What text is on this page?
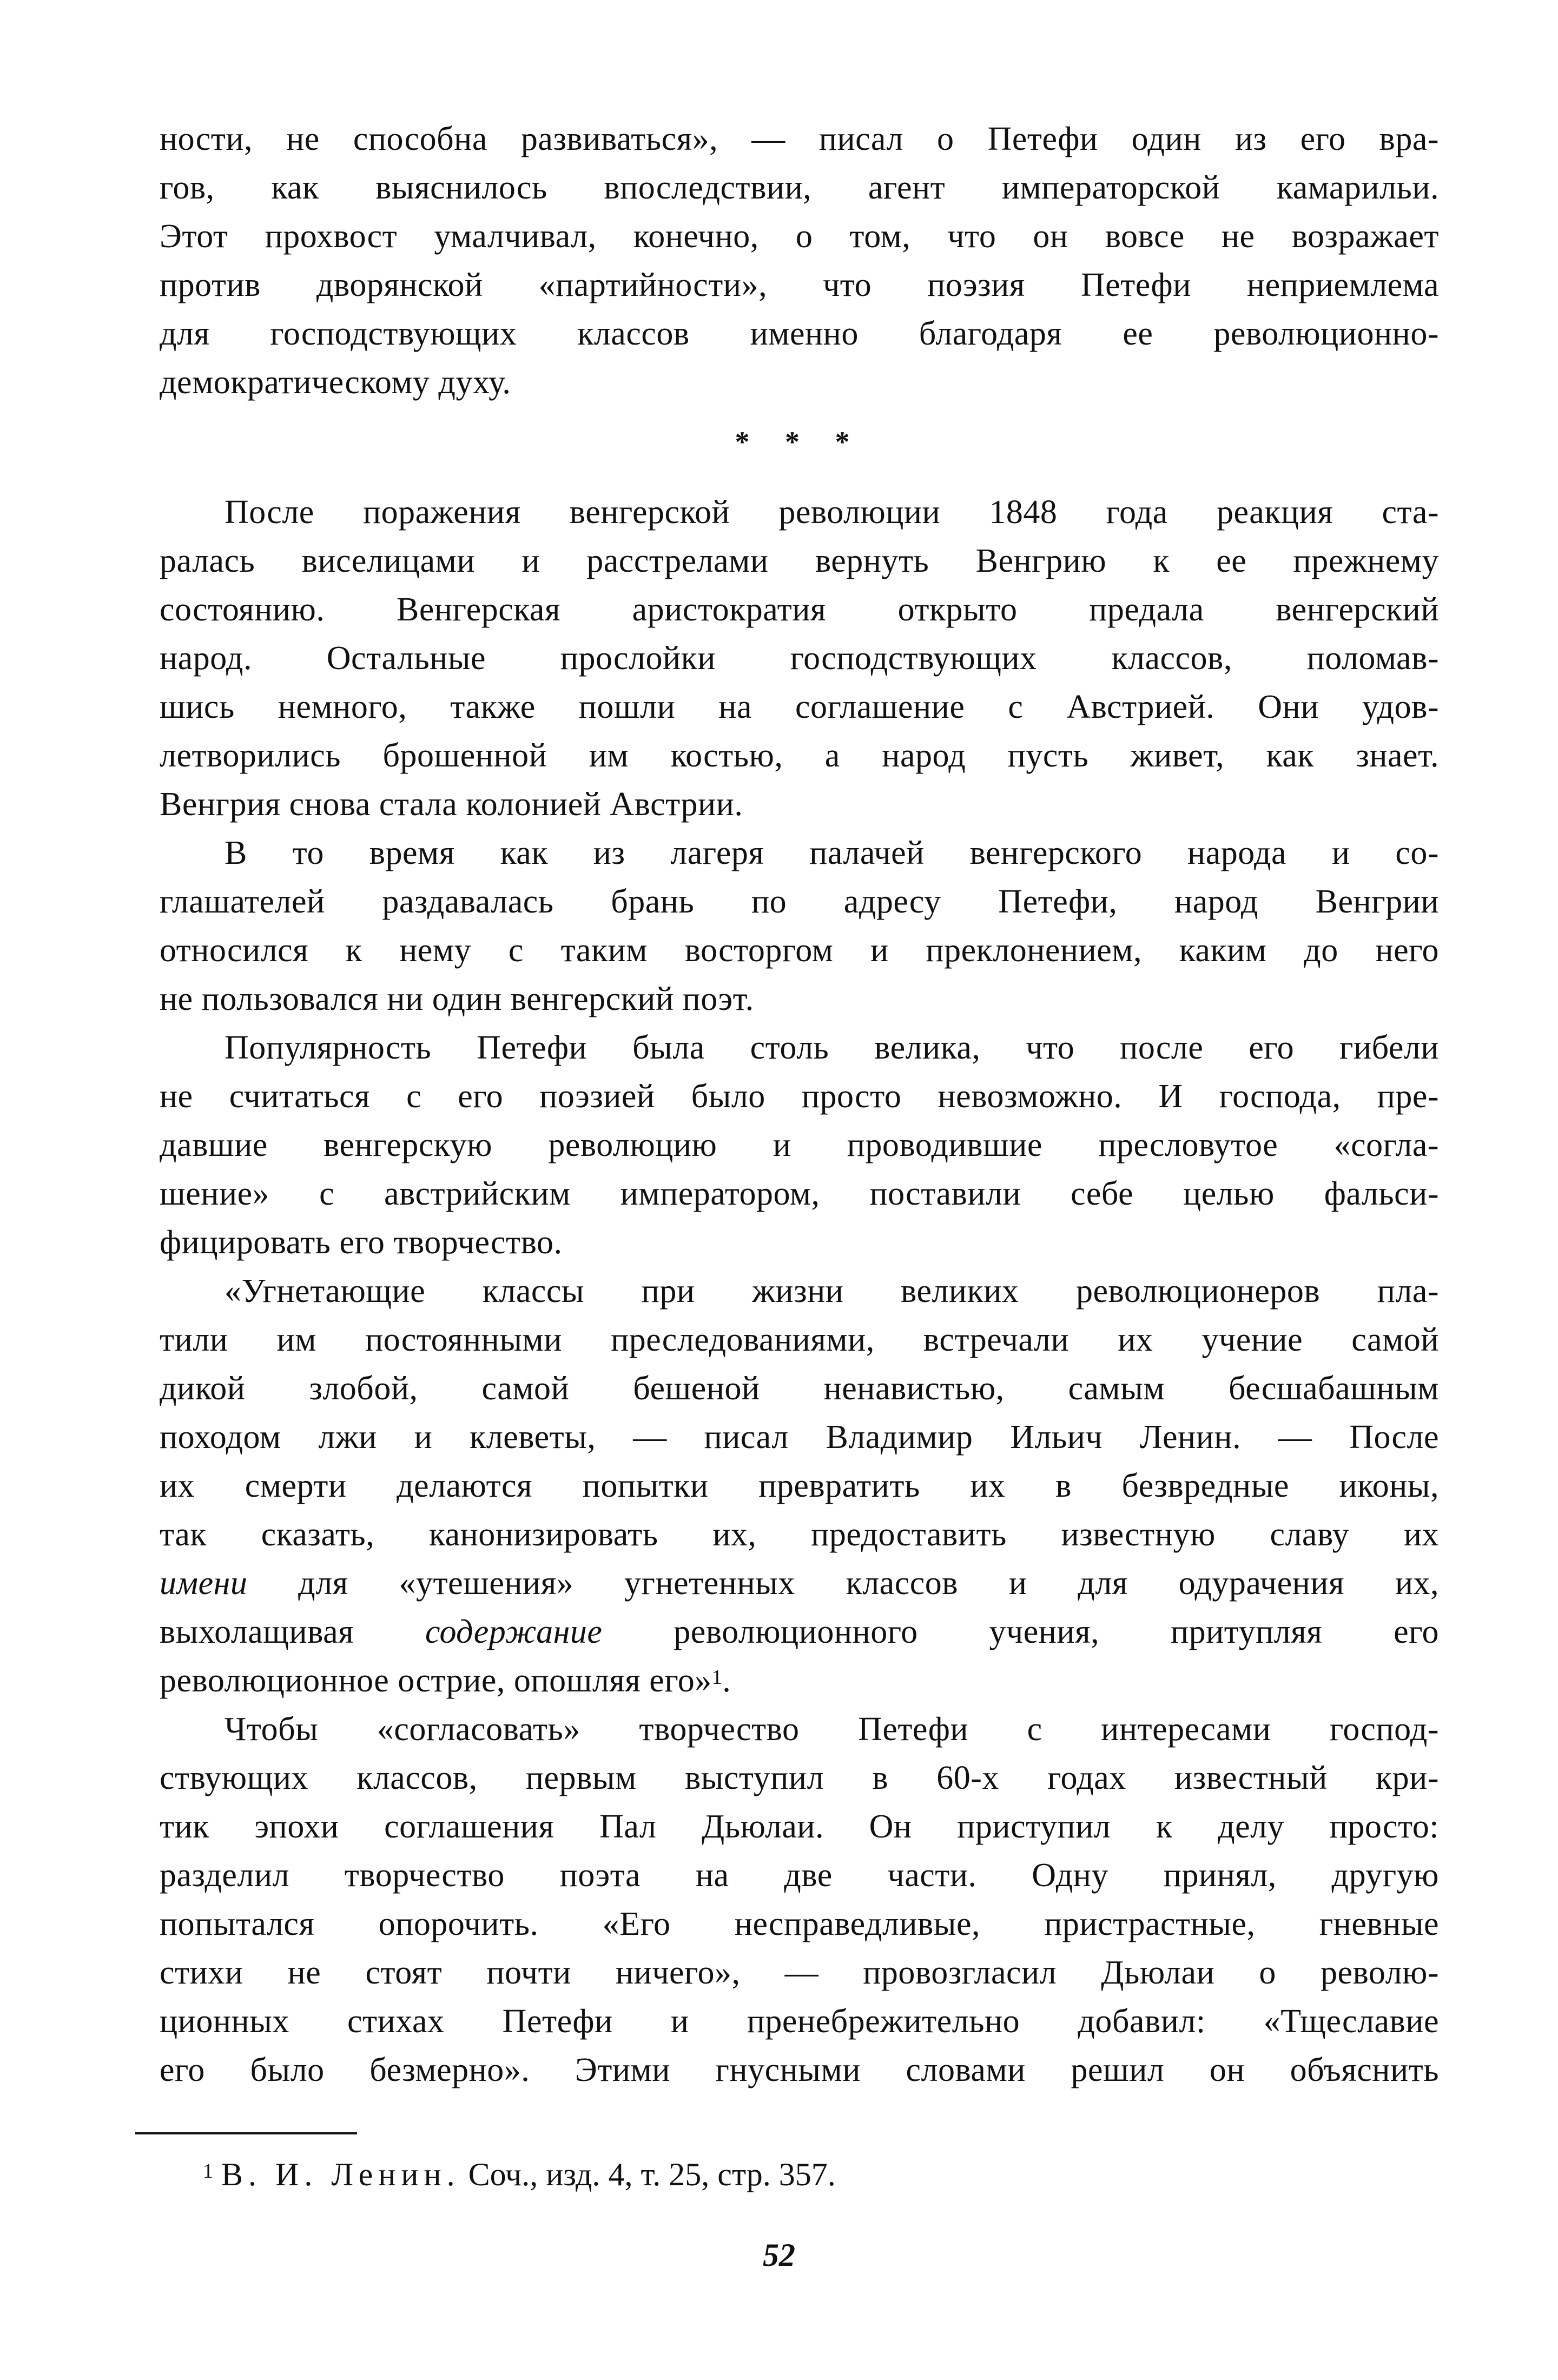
ности, не способна развиваться», — писал о Петефи один из его вра-
гов, как выяснилось впоследствии, агент императорской камарильи.
Этот прохвост умалчивал, конечно, о том, что он вовсе не возражает
против дворянской «партийности», что поэзия Петефи неприемлема
для господствующих классов именно благодаря ее революционно-
демократическому духу.
* * *
После поражения венгерской революции 1848 года реакция ста-
ралась виселицами и расстрелами вернуть Венгрию к ее прежнему
состоянию. Венгерская аристократия открыто предала венгерский
народ. Остальные прослойки господствующих классов, поломав-
шись немного, также пошли на соглашение с Австрией. Они удов-
летворились брошенной им костью, а народ пусть живет, как знает.
Венгрия снова стала колонией Австрии.
В то время как из лагеря палачей венгерского народа и со-
глашателей раздавалась брань по адресу Петефи, народ Венгрии
относился к нему с таким восторгом и преклонением, каким до него
не пользовался ни один венгерский поэт.
Популярность Петефи была столь велика, что после его гибели
не считаться с его поэзией было просто невозможно. И господа, пре-
давшие венгерскую революцию и проводившие пресловутое «согла-
шение» с австрийским императором, поставили себе целью фальси-
фицировать его творчество.
«Угнетающие классы при жизни великих революционеров пла-
тили им постоянными преследованиями, встречали их учение самой
дикой злобой, самой бешеной ненавистью, самым бесшабашным
походом лжи и клеветы, — писал Владимир Ильич Ленин. — После
их смерти делаются попытки превратить их в безвредные иконы,
так сказать, канонизировать их, предоставить известную славу их
имени для «утешения» угнетенных классов и для одурачения их,
выхолащивая содержание революционного учения, притупляя его
революционное острие, опошляя его»$^1$.
Чтобы «согласовать» творчество Петефи с интересами господ-
ствующих классов, первым выступил в 60-х годах известный кри-
тик эпохи соглашения Пал Дьюлаи. Он приступил к делу просто:
разделил творчество поэта на две части. Одну принял, другую
попытался опорочить. «Его несправедливые, пристрастные, гневные
стихи не стоят почти ничего», — провозгласил Дьюлаи о револю-
ционных стихах Петефи и пренебрежительно добавил: «Тщеславие
его было безмерно». Этими гнусными словами решил он объяснить
$^1$ В. И. Ленин. Соч., изд. 4, т. 25, стр. 357.
52
